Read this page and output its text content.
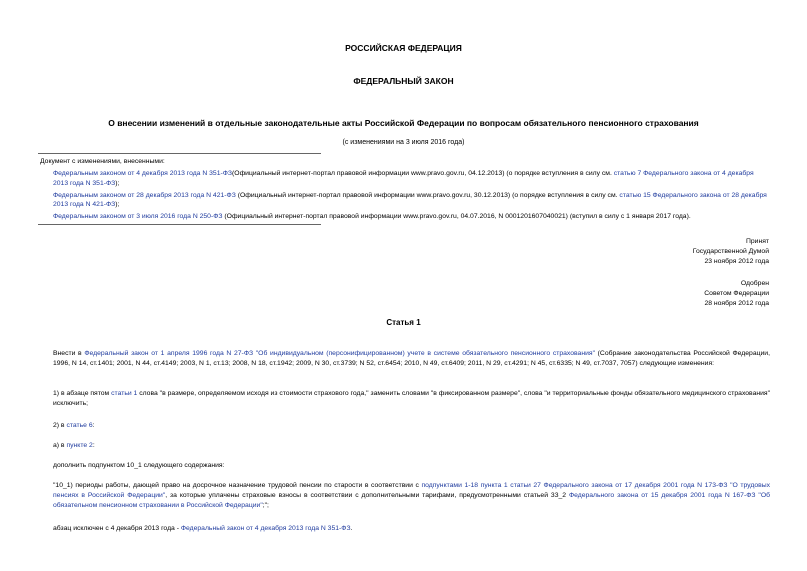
РОССИЙСКАЯ ФЕДЕРАЦИЯ
ФЕДЕРАЛЬНЫЙ ЗАКОН
О внесении изменений в отдельные законодательные акты Российской Федерации по вопросам обязательного пенсионного страхования
(с изменениями на 3 июля 2016 года)

Документ с изменениями, внесенными:

Федеральным законом от 4 декабря 2013 года N 351-ФЗ(Официальный интернет-портал правовой информации www.pravo.gov.ru, 04.12.2013) (о порядке вступления в силу см. статью 7 Федерального закона от 4 декабря 2013 года N 351-ФЗ);

Федеральным законом от 28 декабря 2013 года N 421-ФЗ (Официальный интернет-портал правовой информации www.pravo.gov.ru, 30.12.2013) (о порядке вступления в силу см. статью 15 Федерального закона от 28 декабря 2013 года N 421-ФЗ);

Федеральным законом от 3 июля 2016 года N 250-ФЗ (Официальный интернет-портал правовой информации www.pravo.gov.ru, 04.07.2016, N 0001201607040021) (вступил в силу с 1 января 2017 года).

Принят
Государственной Думой
23 ноября 2012 года
Одобрен
Советом Федерации
28 ноября 2012 года
Статья 1
Внести в Федеральный закон от 1 апреля 1996 года N 27-ФЗ "Об индивидуальном (персонифицированном) учете в системе обязательного пенсионного страхования" (Собрание законодательства Российской Федерации, 1996, N 14, ст.1401; 2001, N 44, ст.4149; 2003, N 1, ст.13; 2008, N 18, ст.1942; 2009, N 30, ст.3739; N 52, ст.6454; 2010, N 49, ст.6409; 2011, N 29, ст.4291; N 45, ст.6335; N 49, ст.7037, 7057) следующие изменения:
1) в абзаце пятом статьи 1 слова "в размере, определяемом исходя из стоимости страхового года," заменить словами "в фиксированном размере", слова "и территориальные фонды обязательного медицинского страхования" исключить;
2) в статье 6:
а) в пункте 2:
дополнить подпунктом 10_1 следующего содержания:
"10_1) периоды работы, дающей право на досрочное назначение трудовой пенсии по старости в соответствии с подпунктами 1-18 пункта 1 статьи 27 Федерального закона от 17 декабря 2001 года N 173-ФЗ "О трудовых пенсиях в Российской Федерации", за которые уплачены страховые взносы в соответствии с дополнительными тарифами, предусмотренными статьей 33_2 Федерального закона от 15 декабря 2001 года N 167-ФЗ "Об обязательном пенсионном страховании в Российской Федерации";";
абзац исключен с 4 декабря 2013 года - Федеральный закон от 4 декабря 2013 года N 351-ФЗ.
